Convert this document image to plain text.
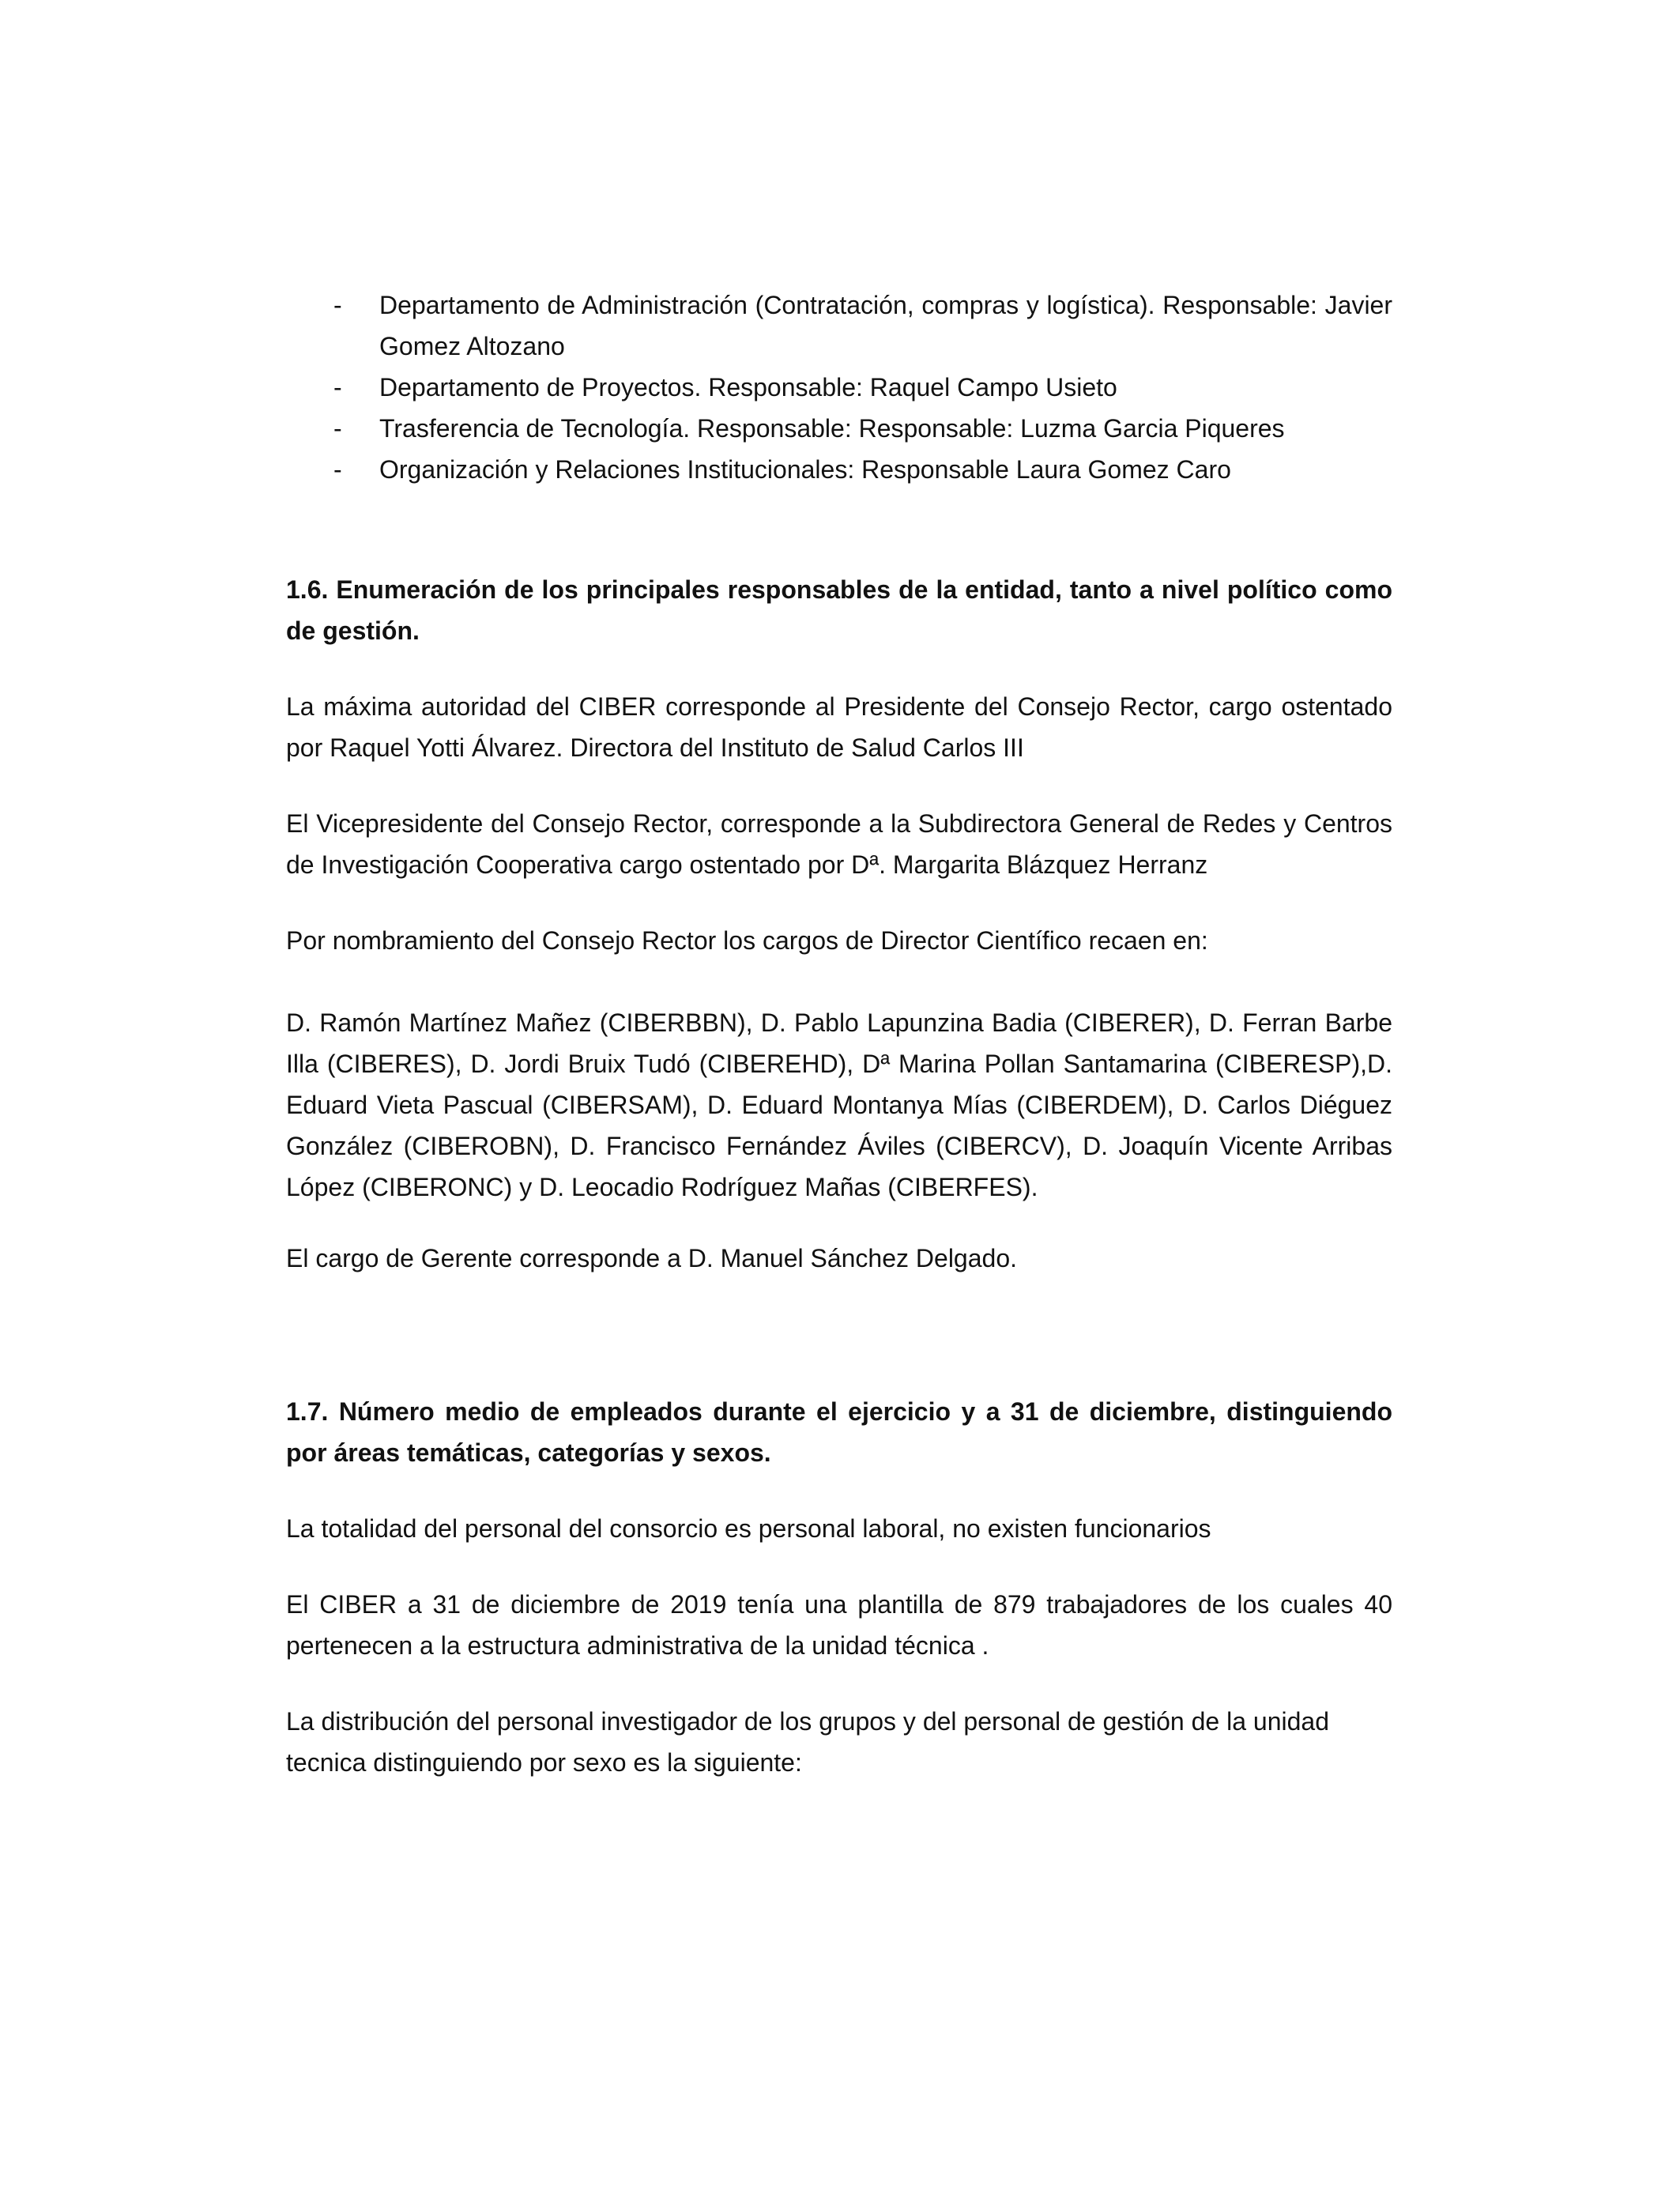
- Departamento de Administración (Contratación, compras y logística). Responsable: Javier Gomez Altozano
- Departamento de Proyectos. Responsable: Raquel Campo Usieto
- Trasferencia de Tecnología. Responsable: Responsable: Luzma Garcia Piqueres
- Organización y Relaciones Institucionales: Responsable Laura Gomez Caro

1.6. Enumeración de los principales responsables de la entidad, tanto a nivel político como de gestión.

La máxima autoridad del CIBER corresponde al Presidente del Consejo Rector, cargo ostentado por Raquel Yotti Álvarez. Directora del Instituto de Salud Carlos III

El Vicepresidente del Consejo Rector, corresponde a la Subdirectora General de Redes y Centros de Investigación Cooperativa cargo ostentado por Dª. Margarita Blázquez Herranz

Por nombramiento del Consejo Rector los cargos de Director Científico recaen en:

D. Ramón Martínez Mañez (CIBERBBN), D. Pablo Lapunzina Badia (CIBERER), D. Ferran Barbe Illa (CIBERES), D. Jordi Bruix Tudó (CIBEREHD), Dª Marina Pollan Santamarina (CIBERESP),D. Eduard Vieta Pascual (CIBERSAM), D. Eduard Montanya Mías (CIBERDEM), D. Carlos Diéguez González (CIBEROBN), D. Francisco Fernández Áviles (CIBERCV), D. Joaquín Vicente Arribas López (CIBERONC) y D. Leocadio Rodríguez Mañas (CIBERFES).

El cargo de Gerente corresponde a D. Manuel Sánchez Delgado.

1.7. Número medio de empleados durante el ejercicio y a 31 de diciembre, distinguiendo por áreas temáticas, categorías y sexos.

La totalidad del personal del consorcio es personal laboral, no existen funcionarios

El CIBER a 31 de diciembre de 2019 tenía una plantilla de 879 trabajadores de los cuales 40 pertenecen a la estructura administrativa de la unidad técnica .

La distribución del personal investigador de los grupos y del personal de gestión de la unidad tecnica distinguiendo por sexo es la siguiente:
